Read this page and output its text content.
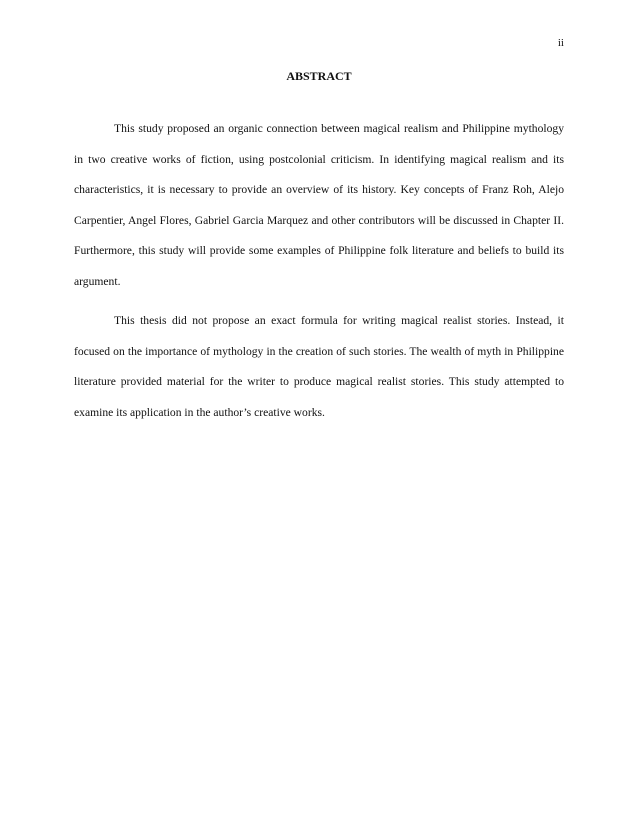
ii
ABSTRACT

This study proposed an organic connection between magical realism and Philippine mythology in two creative works of fiction, using postcolonial criticism. In identifying magical realism and its characteristics, it is necessary to provide an overview of its history. Key concepts of Franz Roh, Alejo Carpentier, Angel Flores, Gabriel Garcia Marquez and other contributors will be discussed in Chapter II. Furthermore, this study will provide some examples of Philippine folk literature and beliefs to build its argument.

This thesis did not propose an exact formula for writing magical realist stories. Instead, it focused on the importance of mythology in the creation of such stories. The wealth of myth in Philippine literature provided material for the writer to produce magical realist stories. This study attempted to examine its application in the author’s creative works.
